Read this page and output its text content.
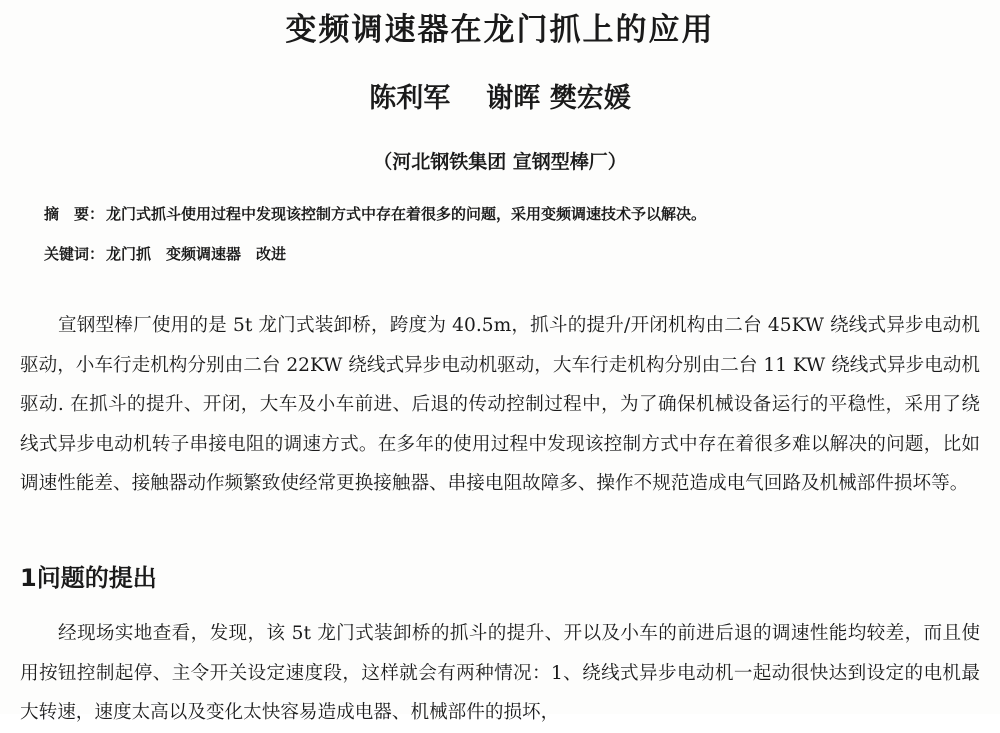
变频调速器在龙门抓上的应用
陈利军 谢晖 樊宏媛
（河北钢铁集团 宣钢型棒厂）
摘　要： 龙门式抓斗使用过程中发现该控制方式中存在着很多的问题，采用变频调速技术予以解决。
关键词： 龙门抓　变频调速器　改进
宣钢型棒厂使用的是 5t 龙门式装卸桥，跨度为 40.5m，抓斗的提升/开闭机构由二台 45KW 绕线式异步电动机驱动，小车行走机构分别由二台 22KW 绕线式异步电动机驱动，大车行走机构分别由二台 11 KW 绕线式异步电动机驱动. 在抓斗的提升、开闭，大车及小车前进、后退的传动控制过程中，为了确保机械设备运行的平稳性，采用了绕线式异步电动机转子串接电阻的调速方式。在多年的使用过程中发现该控制方式中存在着很多难以解决的问题，比如调速性能差、接触器动作频繁致使经常更换接触器、串接电阻故障多、操作不规范造成电气回路及机械部件损坏等。
1问题的提出
经现场实地查看，发现，该 5t 龙门式装卸桥的抓斗的提升、开以及小车的前进后退的调速性能均较差，而且使用按钮控制起停、主令开关设定速度段，这样就会有两种情况：1、绕线式异步电动机一起动很快达到设定的电机最大转速，速度太高以及变化太快容易造成电器、机械部件的损坏，
